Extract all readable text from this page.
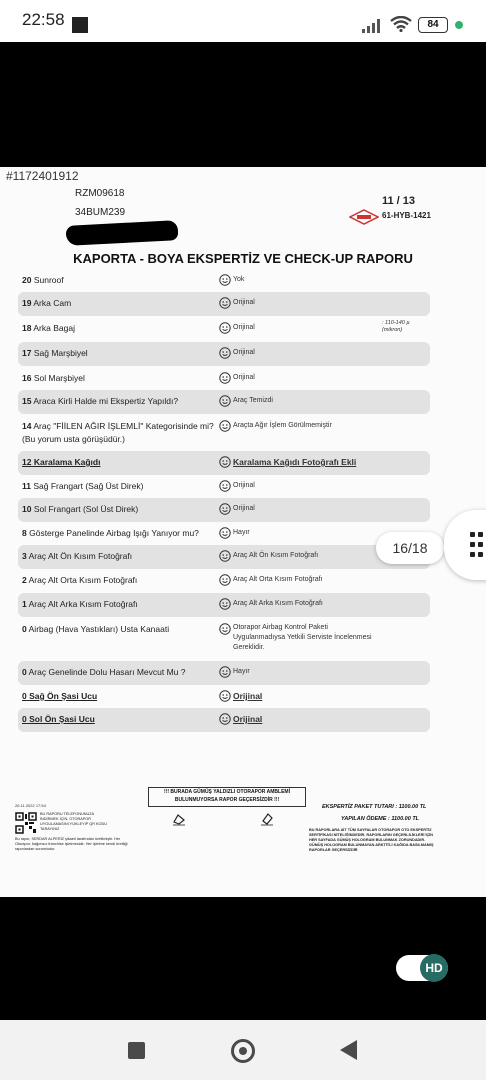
22:58	84
#1172401912
RZM09618
34BUM239
11 / 13
61-HYB-1421
KAPORTA - BOYA EKSPERTİZ VE CHECK-UP RAPORU
20 Sunroof	Yok
19 Arka Cam	Orijinal
18 Arka Bagaj	Orijinal
: 110-140 µ (mikron)
17 Sağ Marşbiyel	Orijinal
16 Sol Marşbiyel	Orijinal
15 Araca Kirli Halde mi Ekspertiz Yapıldı?	Araç Temizdi
14 Araç "FİİLEN AĞIR İŞLEMLİ" Kategorisinde mi?
(Bu yorum usta görüşüdür.)
Araçta Ağır İşlem Görülmemiştir
12 Karalama Kağıdı	Karalama Kağıdı Fotoğrafı Ekli
11 Sağ Frangart (Sağ Üst Direk)	Orijinal
10 Sol Frangart (Sol Üst Direk)	Orijinal
8 Gösterge Panelinde Airbag Işığı Yanıyor mu?	Hayır
3 Araç Alt Ön Kısım Fotoğrafı	Araç Alt Ön Kısım Fotoğrafı
2 Araç Alt Orta Kısım Fotoğrafı	Araç Alt Orta Kısım Fotoğrafı
1 Araç Alt Arka Kısım Fotoğrafı	Araç Alt Arka Kısım Fotoğrafı
0 Airbag (Hava Yastıkları) Usta Kanaati	Otorapor Airbag Kontrol Paketi
Uygulanmadıysa Yetkili Serviste İncelenmesi
Gereklidir.
0 Araç Genelinde Dolu Hasarı Mevcut Mu ?	Hayır
0 Sağ Ön Şasi Ucu	Orijinal
0 Sol Ön Şasi Ucu	Orijinal
!!! BURADA GÜMÜŞ YALDIZLI OTORAPOR AMBLEMİ
BULUNMUYORSA RAPOR GEÇERSİZDİR !!!
EKSPERTİZ PAKET TUTARI : 1100.00 TL
YAPILAN ÖDEME : 1100.00 TL
BU RAPORLARA AİT TÜM SAYFALAR OTORAPOR OTO EKSPERTİZ SERTİFİKASI NİTELİĞİNDEDİR. RAPORLARIN GEÇERLİLİKLERİ İÇİN HER SAYFADA GÜMÜŞ HOLOGRAM BULUNMAK ZORUNDADIR. GÜMÜŞ HOLOGRAM BULUNMAYAN ARKTİTLİ KAĞIDA BASILMAMIŞ RAPORLAR GEÇERSİZDİR
26.11.2022 17:54
BU RAPORU TELEFONUNUZA İNDİRMEK İÇİN, OTORAPOR UYGULAMASINI YÜKLEYİP QR KODU TARAYINIZ
Bu rapor, SERDAR ALPERİZ şikaeti tarafından üretilmiştir. Her Otorapor, bağımsız franchise işletmesidir. Her işletme kendi ürettiği raporlardan sorumludur.
16/18
HD
